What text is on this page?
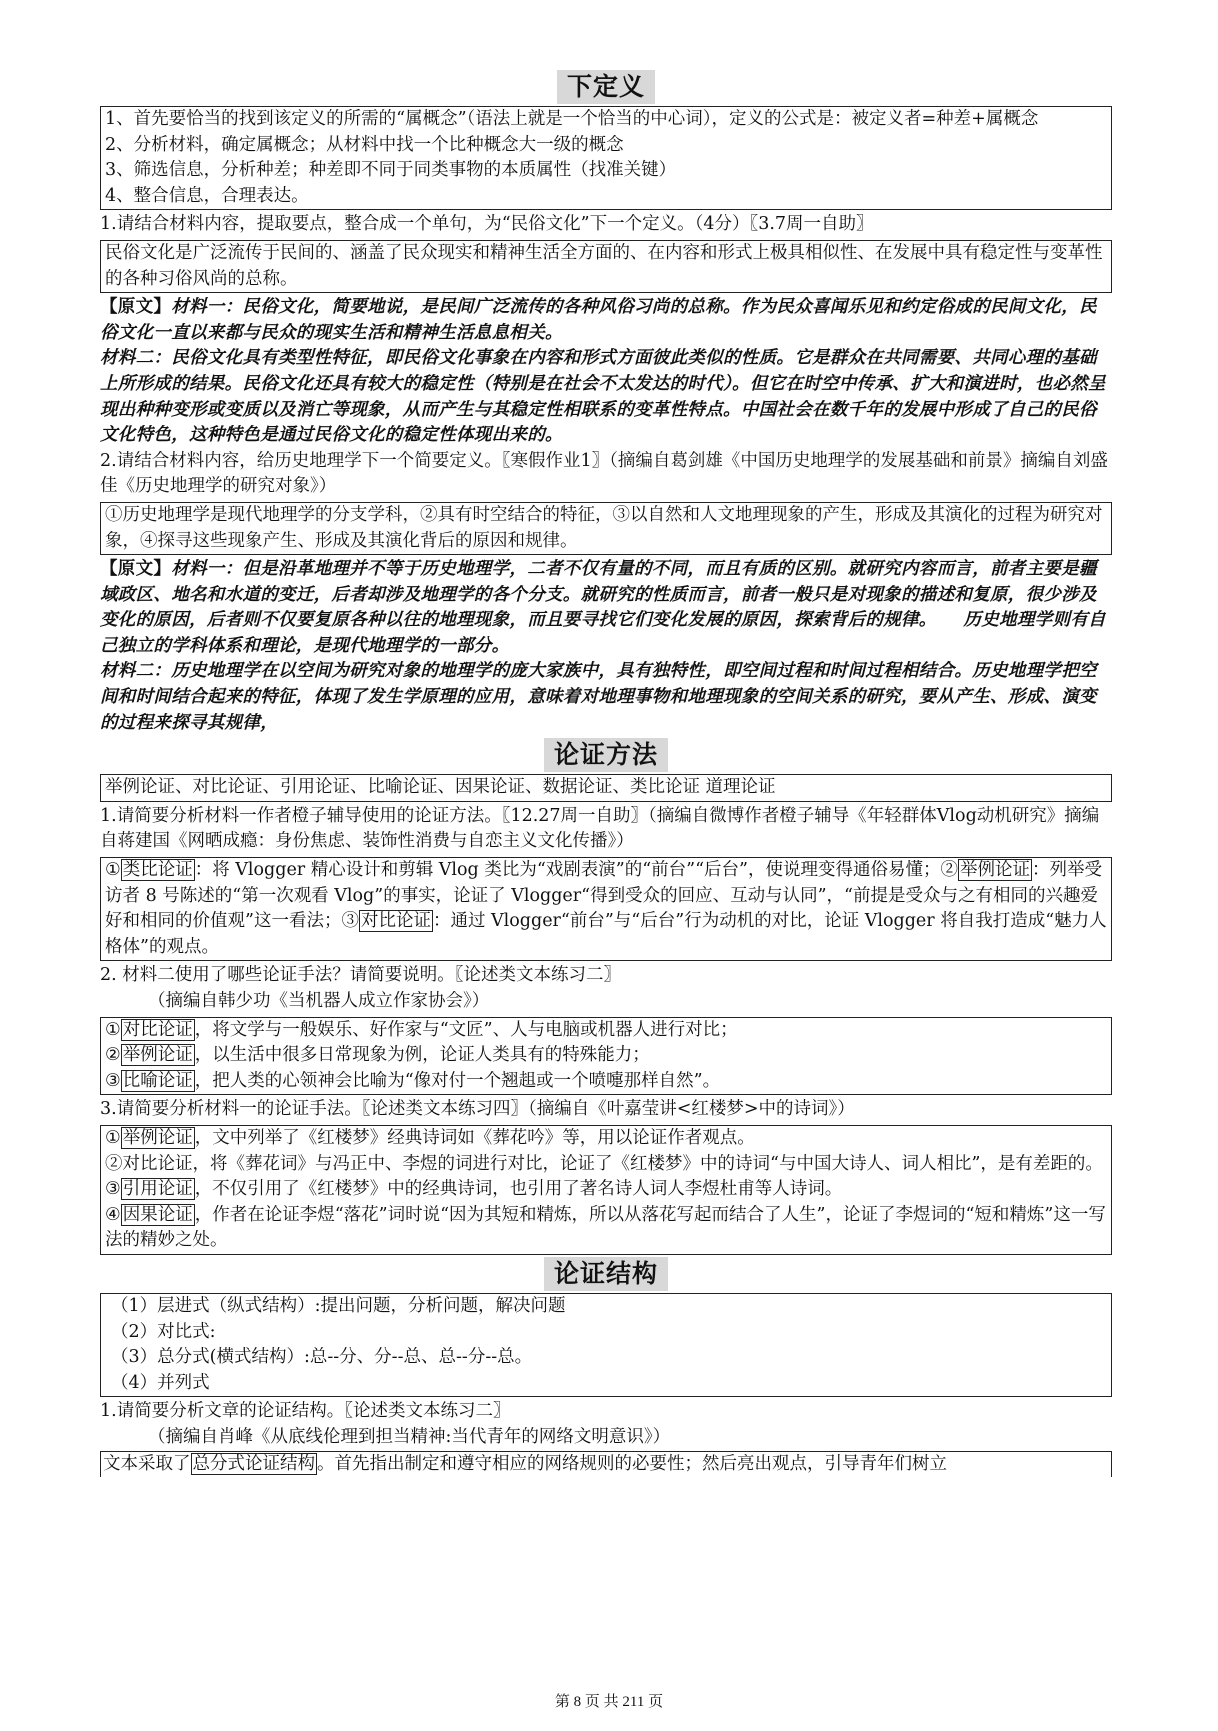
下定义
1、首先要恰当的找到该定义的所需的“属概念”（语法上就是一个恰当的中心词），定义的公式是：被定义者=种差+属概念
2、分析材料，确定属概念；从材料中找一个比种概念大一级的概念
3、筛选信息，分析种差；种差即不同于同类事物的本质属性（找准关键）
4、整合信息，合理表达。
1.请结合材料内容，提取要点，整合成一个单句，为“民俗文化”下一个定义。（4分）〖3.7周一自助〗
民俗文化是广泛流传于民间的、涵盖了民众现实和精神生活全方面的、在内容和形式上极具相似性、在发展中具有稳定性与变革性的各种习俗风尚的总称。
【原文】材料一：民俗文化，简要地说，是民间广泛流传的各种风俗习尚的总称。作为民众喜闻乐见和约定俗成的民间文化，民俗文化一直以来都与民众的现实生活和精神生活息息相关。
材料二：民俗文化具有类型性特征，即民俗文化事象在内容和形式方面彼此类似的性质。它是群众在共同需要、共同心理的基础上所形成的结果。民俗文化还具有较大的稳定性（特别是在社会不太发达的时代）。但它在时空中传承、扩大和演进时，也必然呈现出种种变形或变质以及消亡等现象，从而产生与其稳定性相联系的变革性特点。中国社会在数千年的发展中形成了自己的民俗文化特色，这种特色是通过民俗文化的稳定性体现出来的。
2.请结合材料内容，给历史地理学下一个简要定义。〖寒假作业1〗（摘编自葛剑雄《中国历史地理学的发展基础和前景》摘编自刘盛佳《历史地理学的研究对象》）
①历史地理学是现代地理学的分支学科，②具有时空结合的特征，③以自然和人文地理现象的产生，形成及其演化的过程为研究对象，④探寻这些现象产生、形成及其演化背后的原因和规律。
【原文】材料一：但是沿革地理并不等于历史地理学，二者不仅有量的不同，而且有质的区别。就研究内容而言，前者主要是疆域政区、地名和水道的变迁，后者却涉及地理学的各个分支。就研究的性质而言，前者一般只是对现象的描述和复原，很少涉及变化的原因，后者则不仅要复原各种以往的地理现象，而且要寻找它们变化发展的原因，探索背后的规律。　　历史地理学则有自己独立的学科体系和理论，是现代地理学的一部分。
材料二：历史地理学在以空间为研究对象的地理学的庞大家族中，具有独特性，即空间过程和时间过程相结合。历史地理学把空间和时间结合起来的特征，体现了发生学原理的应用，意味着对地理事物和地理现象的空间关系的研究，要从产生、形成、演变的过程来探寻其规律，
论证方法
举例论证、对比论证、引用论证、比喻论证、因果论证、数据论证、类比论证 道理论证
1.请简要分析材料一作者橙子辅导使用的论证方法。〖12.27周一自助〗（摘编自微博作者橙子辅导《年轻群体Vlog动机研究》摘编自蒋建国《网晒成瘾：身份焦虑、装饰性消费与自恋主义文化传播》）
① 类比论证 ：将 Vlogger 精心设计和剪辑 Vlog 类比为“戏剧表演”的“前台”“后台”，使说理变得通俗易懂；② 举例论证 ：列举受访者 8 号陈述的“第一次观看 Vlog”的事实，论证了 Vlogger“得到受众的回应、互动与认同”，“前提是受众与之有相同的兴趣爱好和相同的价值观”这一看法；③ 对比论证 ：通过 Vlogger“前台”与“后台”行为动机的对比，论证 Vlogger 将自我打造成“魅力人格体”的观点。
2. 材料二使用了哪些论证手法？请简要说明。〖论述类文本练习二〗
（摘编自韩少功《当机器人成立作家协会》）
① 对比论证 ，将文学与一般娱乐、好作家与“文匠”、人与电脑或机器人进行对比；
② 举例论证 ，以生活中很多日常现象为例，论证人类具有的特殊能力；
③ 比喻论证 ，把人类的心领神会比喻为“像对付一个翘趄或一个喷嚏那样自然”。
3.请简要分析材料一的论证手法。〖论述类文本练习四〗（摘编自《叶嘉莹讲<红楼梦>中的诗词》）
① 举例论证 ，文中列举了《红楼梦》经典诗词如《葬花吟》等，用以论证作者观点。
②对比论证，将《葬花词》与冯正中、李煜的词进行对比，论证了《红楼梦》中的诗词“与中国大诗人、词人相比”，是有差距的。
③ 引用论证 ，不仅引用了《红楼梦》中的经典诗词，也引用了著名诗人词人李煜杜甫等人诗词。
④ 因果论证 ，作者在论证李煜“落花”词时说“因为其短和精炼，所以从落花写起而结合了人生”，论证了李煜词的“短和精炼”这一写法的精妙之处。
论证结构
（1）层进式（纵式结构）:提出问题，分析问题，解决问题
（2）对比式:
（3）总分式(横式结构）:总--分、分--总、总--分--总。
（4）并列式
1.请简要分析文章的论证结构。〖论述类文本练习二〗
（摘编自肖峰《从底线伦理到担当精神:当代青年的网络文明意识》）
文本采取了 总分式论证结构 。首先指出制定和遵守相应的网络规则的必要性；然后亮出观点，引导青年们树立
第 8 页 共 211 页
